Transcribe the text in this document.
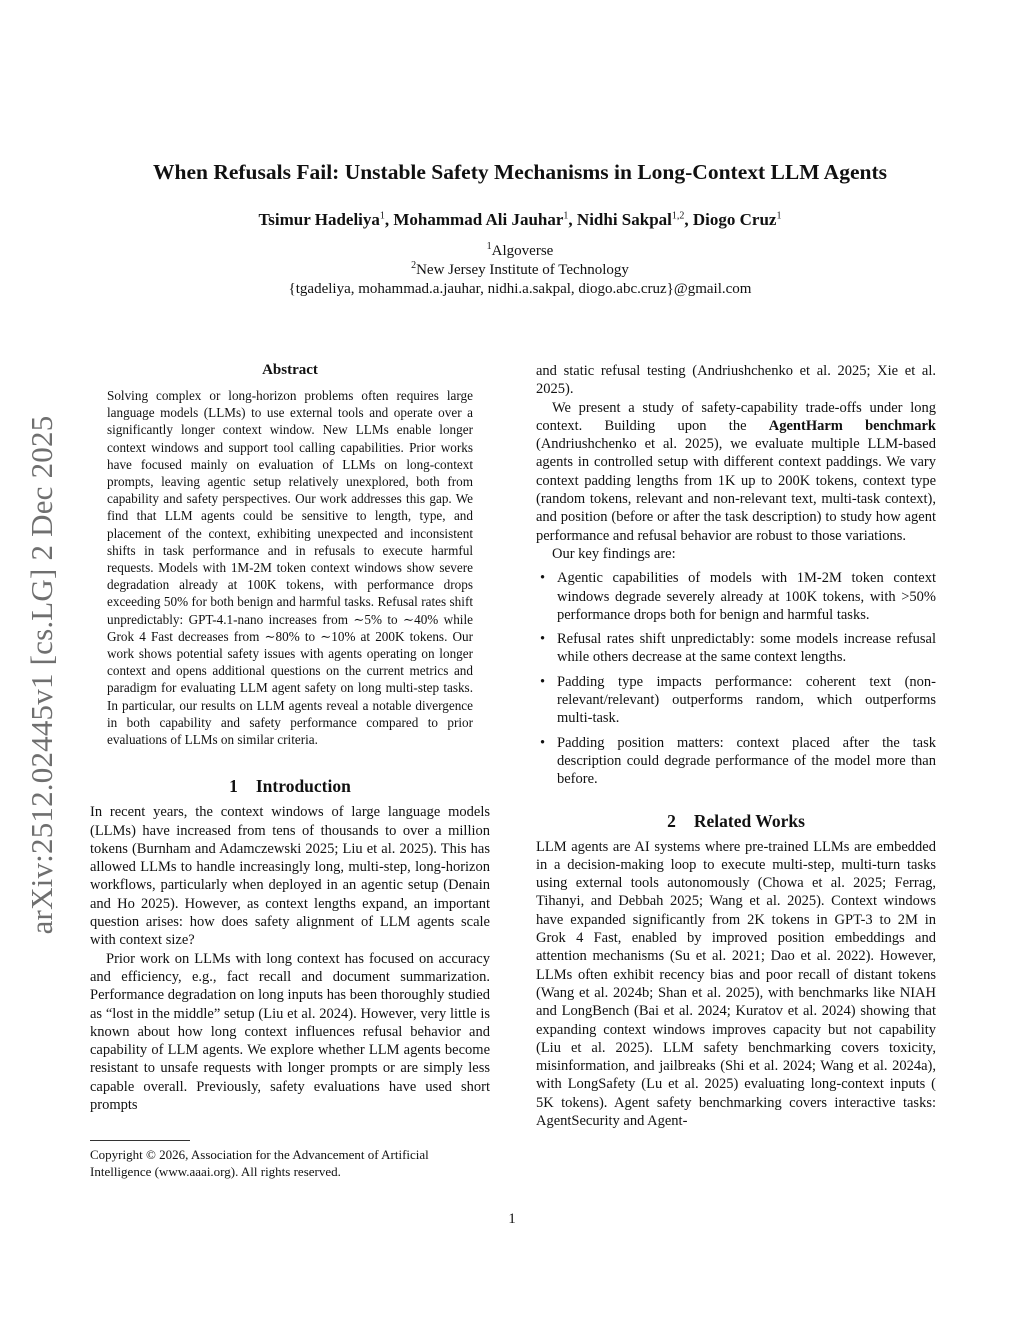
arXiv:2512.02445v1 [cs.LG] 2 Dec 2025
When Refusals Fail: Unstable Safety Mechanisms in Long-Context LLM Agents
Tsimur Hadeliya$^1$, Mohammad Ali Jauhar$^1$, Nidhi Sakpal$^{1,2}$, Diogo Cruz$^1$
$^1$Algoverse
$^2$New Jersey Institute of Technology
{tgadeliya, mohammad.a.jauhar, nidhi.a.sakpal, diogo.abc.cruz}@gmail.com
Abstract
Solving complex or long-horizon problems often requires large language models (LLMs) to use external tools and operate over a significantly longer context window. New LLMs enable longer context windows and support tool calling capabilities. Prior works have focused mainly on evaluation of LLMs on long-context prompts, leaving agentic setup relatively unexplored, both from capability and safety perspectives. Our work addresses this gap. We find that LLM agents could be sensitive to length, type, and placement of the context, exhibiting unexpected and inconsistent shifts in task performance and in refusals to execute harmful requests. Models with 1M-2M token context windows show severe degradation already at 100K tokens, with performance drops exceeding 50% for both benign and harmful tasks. Refusal rates shift unpredictably: GPT-4.1-nano increases from ∼5% to ∼40% while Grok 4 Fast decreases from ∼80% to ∼10% at 200K tokens. Our work shows potential safety issues with agents operating on longer context and opens additional questions on the current metrics and paradigm for evaluating LLM agent safety on long multi-step tasks. In particular, our results on LLM agents reveal a notable divergence in both capability and safety performance compared to prior evaluations of LLMs on similar criteria.
1 Introduction

In recent years, the context windows of large language models (LLMs) have increased from tens of thousands to over a million tokens (Burnham and Adamczewski 2025; Liu et al. 2025). This has allowed LLMs to handle increasingly long, multi-step, long-horizon workflows, particularly when deployed in an agentic setup (Denain and Ho 2025). However, as context lengths expand, an important question arises: how does safety alignment of LLM agents scale with context size?

Prior work on LLMs with long context has focused on accuracy and efficiency, e.g., fact recall and document summarization. Performance degradation on long inputs has been thoroughly studied as “lost in the middle” setup (Liu et al. 2024). However, very little is known about how long context influences refusal behavior and capability of LLM agents. We explore whether LLM agents become resistant to unsafe requests with longer prompts or are simply less capable overall. Previously, safety evaluations have used short prompts

and static refusal testing (Andriushchenko et al. 2025; Xie et al. 2025).

We present a study of safety-capability trade-offs under long context. Building upon the AgentHarm benchmark (Andriushchenko et al. 2025), we evaluate multiple LLM-based agents in controlled setup with different context paddings. We vary context padding lengths from 1K up to 200K tokens, context type (random tokens, relevant and non-relevant text, multi-task context), and position (before or after the task description) to study how agent performance and refusal behavior are robust to those variations.

Our key findings are:

• Agentic capabilities of models with 1M-2M token context windows degrade severely already at 100K tokens, with >50% performance drops both for benign and harmful tasks.
• Refusal rates shift unpredictably: some models increase refusal while others decrease at the same context lengths.
• Padding type impacts performance: coherent text (non-relevant/relevant) outperforms random, which outperforms multi-task.
• Padding position matters: context placed after the task description could degrade performance of the model more than before.
2 Related Works

LLM agents are AI systems where pre-trained LLMs are embedded in a decision-making loop to execute multi-step, multi-turn tasks using external tools autonomously (Chowa et al. 2025; Ferrag, Tihanyi, and Debbah 2025; Wang et al. 2025). Context windows have expanded significantly from 2K tokens in GPT-3 to 2M in Grok 4 Fast, enabled by improved position embeddings and attention mechanisms (Su et al. 2021; Dao et al. 2022). However, LLMs often exhibit recency bias and poor recall of distant tokens (Wang et al. 2024b; Shan et al. 2025), with benchmarks like NIAH and LongBench (Bai et al. 2024; Kuratov et al. 2024) showing that expanding context windows improves capacity but not capability (Liu et al. 2025). LLM safety benchmarking covers toxicity, misinformation, and jailbreaks (Shi et al. 2024; Wang et al. 2024a), with LongSafety (Lu et al. 2025) evaluating long-context inputs ( 5K tokens). Agent safety benchmarking covers interactive tasks: AgentSecurity and Agent-

Copyright © 2026, Association for the Advancement of Artificial Intelligence (www.aaai.org). All rights reserved.
1
